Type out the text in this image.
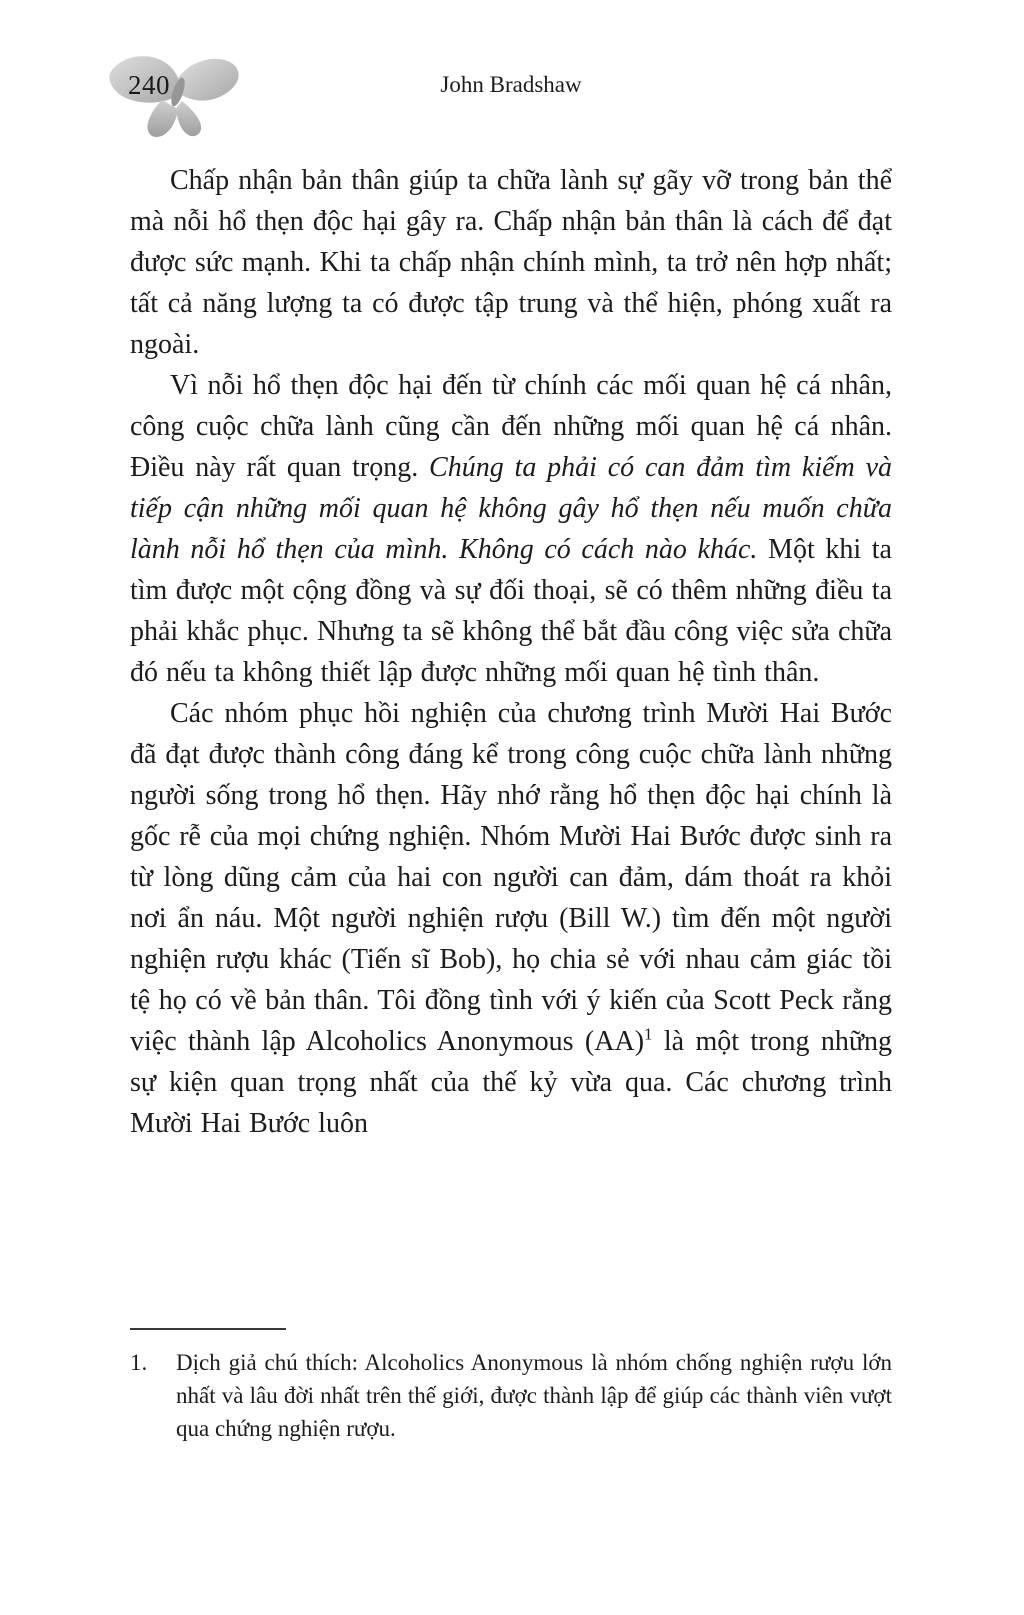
240	John Bradshaw

Chấp nhận bản thân giúp ta chữa lành sự gãy vỡ trong bản thể mà nỗi hổ thẹn độc hại gây ra. Chấp nhận bản thân là cách để đạt được sức mạnh. Khi ta chấp nhận chính mình, ta trở nên hợp nhất; tất cả năng lượng ta có được tập trung và thể hiện, phóng xuất ra ngoài.

Vì nỗi hổ thẹn độc hại đến từ chính các mối quan hệ cá nhân, công cuộc chữa lành cũng cần đến những mối quan hệ cá nhân. Điều này rất quan trọng. Chúng ta phải có can đảm tìm kiếm và tiếp cận những mối quan hệ không gây hổ thẹn nếu muốn chữa lành nỗi hổ thẹn của mình. Không có cách nào khác. Một khi ta tìm được một cộng đồng và sự đối thoại, sẽ có thêm những điều ta phải khắc phục. Nhưng ta sẽ không thể bắt đầu công việc sửa chữa đó nếu ta không thiết lập được những mối quan hệ tình thân.

Các nhóm phục hồi nghiện của chương trình Mười Hai Bước đã đạt được thành công đáng kể trong công cuộc chữa lành những người sống trong hổ thẹn. Hãy nhớ rằng hổ thẹn độc hại chính là gốc rễ của mọi chứng nghiện. Nhóm Mười Hai Bước được sinh ra từ lòng dũng cảm của hai con người can đảm, dám thoát ra khỏi nơi ẩn náu. Một người nghiện rượu (Bill W.) tìm đến một người nghiện rượu khác (Tiến sĩ Bob), họ chia sẻ với nhau cảm giác tồi tệ họ có về bản thân. Tôi đồng tình với ý kiến của Scott Peck rằng việc thành lập Alcoholics Anonymous (AA)$^1$ là một trong những sự kiện quan trọng nhất của thế kỷ vừa qua. Các chương trình Mười Hai Bước luôn

1. Dịch giả chú thích: Alcoholics Anonymous là nhóm chống nghiện rượu lớn nhất và lâu đời nhất trên thế giới, được thành lập để giúp các thành viên vượt qua chứng nghiện rượu.
